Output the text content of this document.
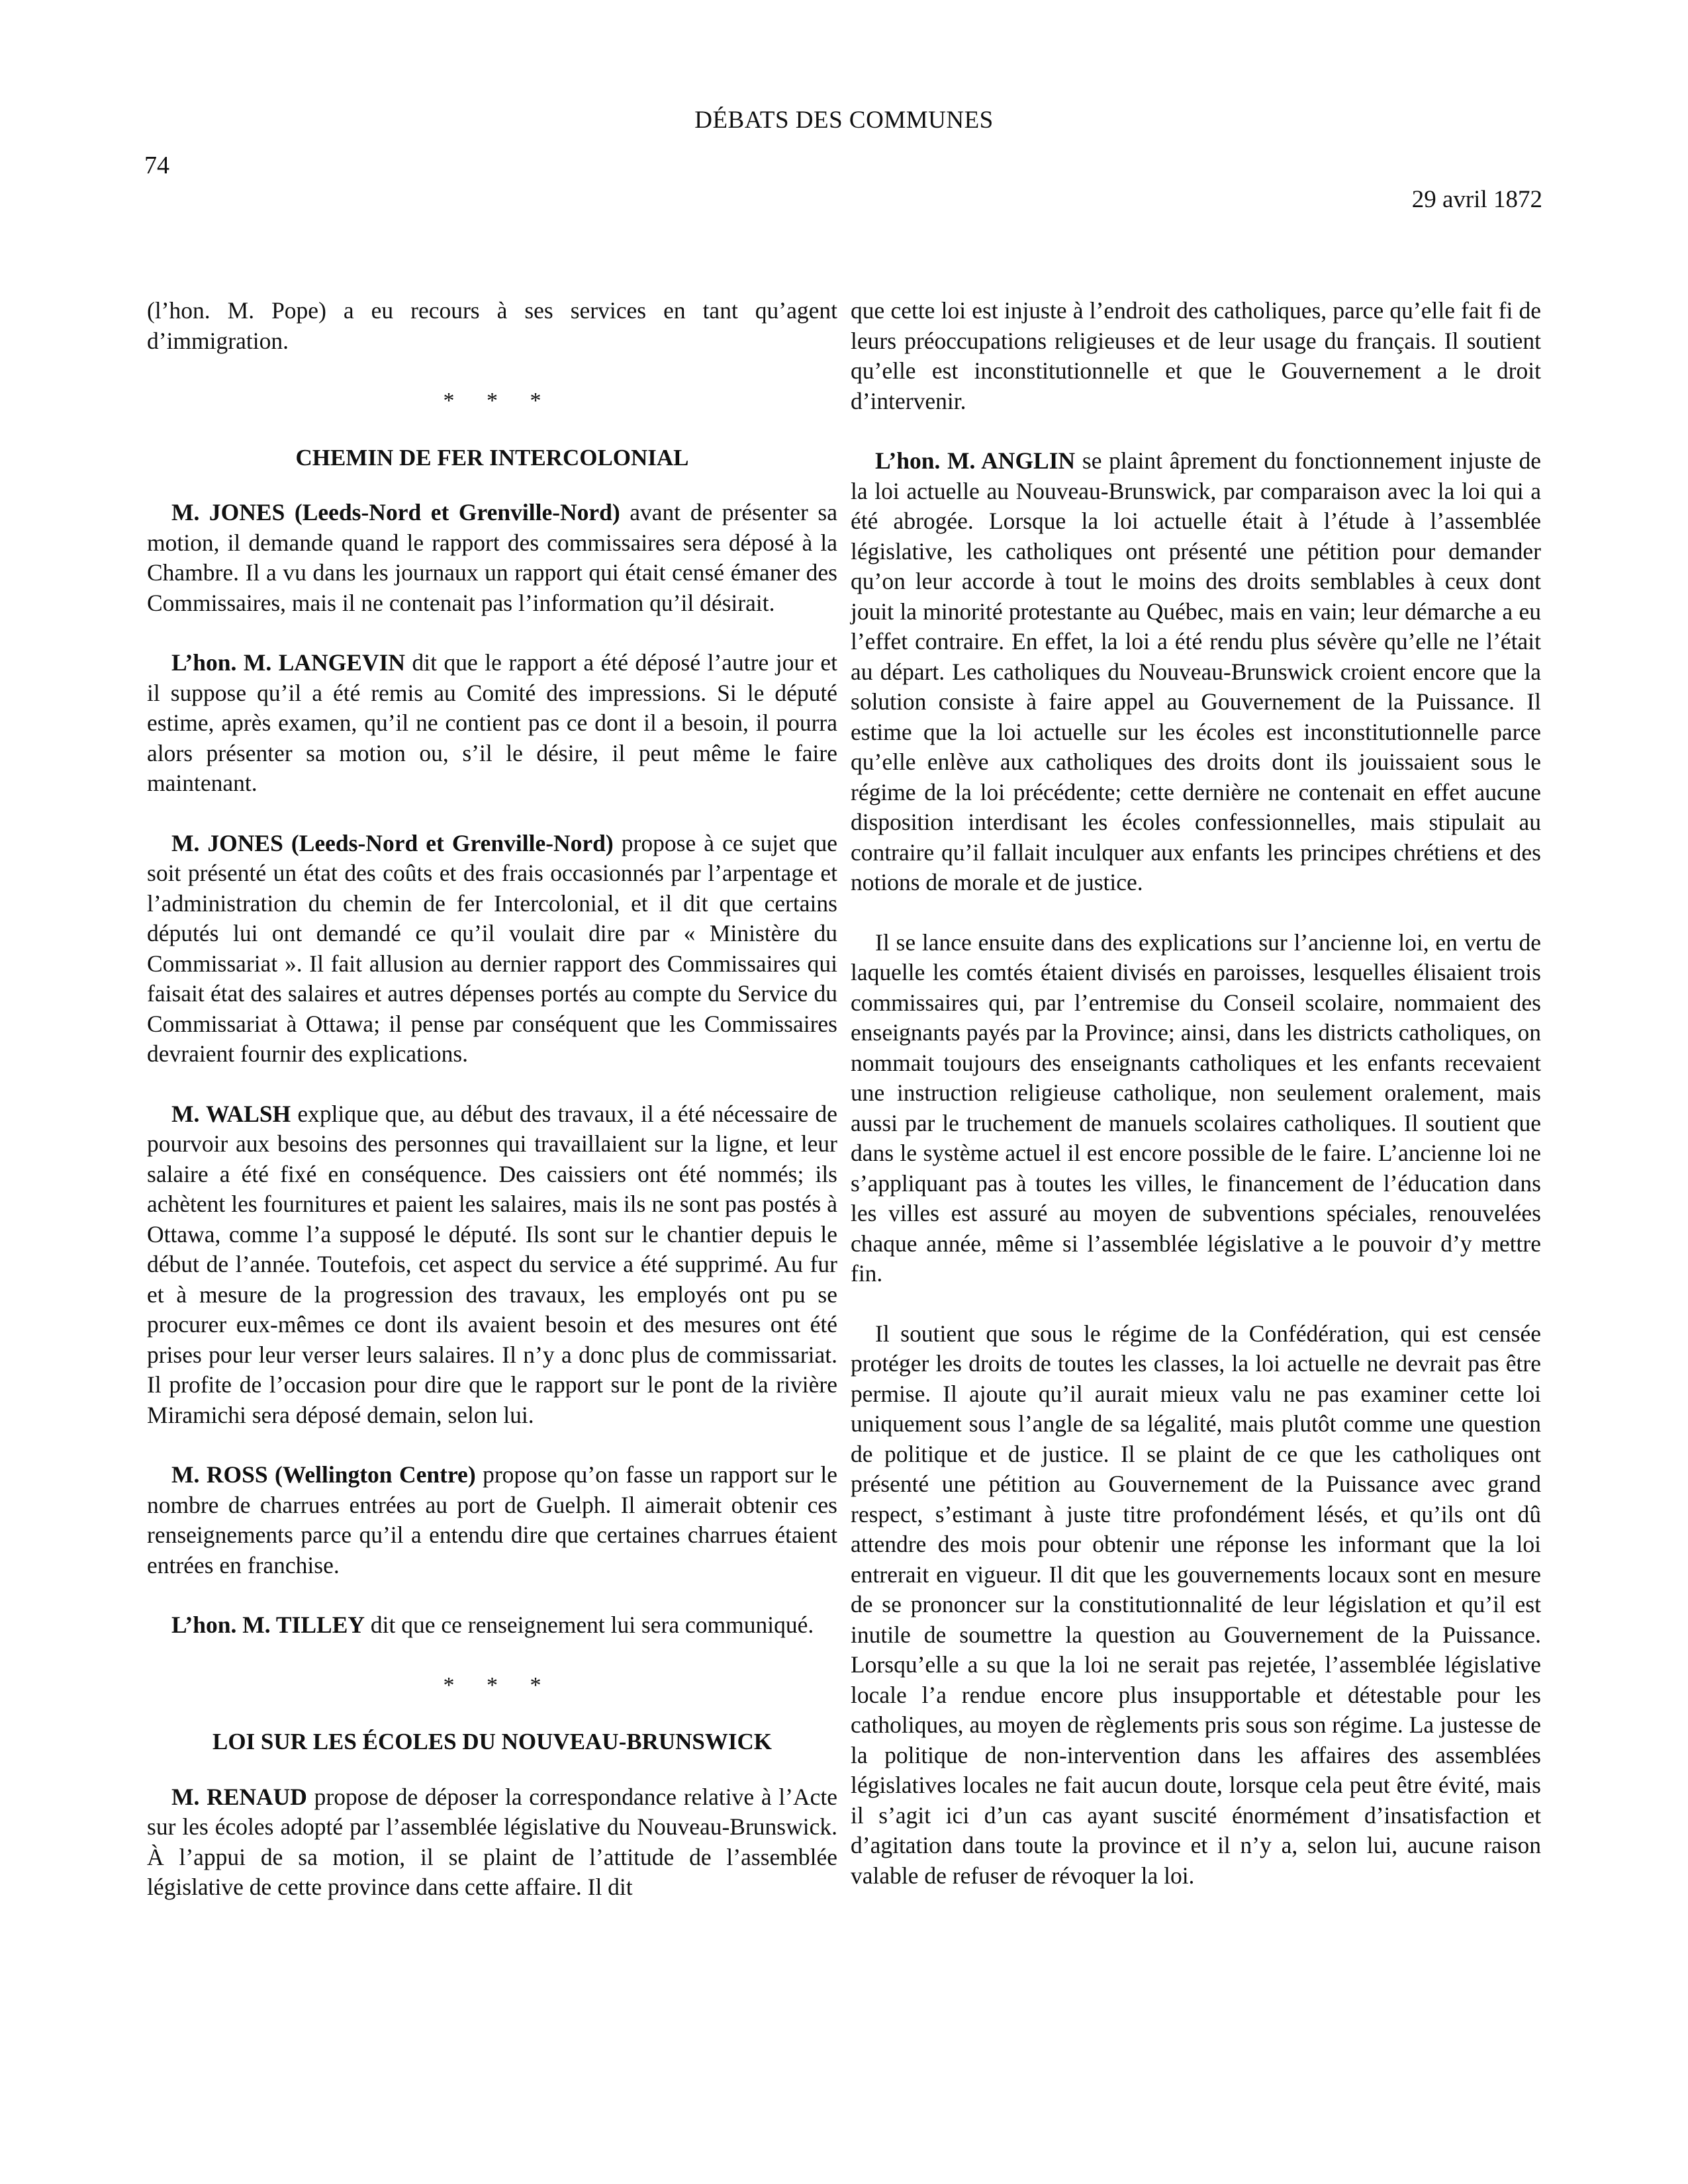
DÉBATS DES COMMUNES
74
29 avril 1872

(l’hon. M. Pope) a eu recours à ses services en tant qu’agent d’immigration.

* * *
CHEMIN DE FER INTERCOLONIAL

M. JONES (Leeds-Nord et Grenville-Nord) avant de présenter sa motion, il demande quand le rapport des commissaires sera déposé à la Chambre. Il a vu dans les journaux un rapport qui était censé émaner des Commissaires, mais il ne contenait pas l’information qu’il désirait.

L’hon. M. LANGEVIN dit que le rapport a été déposé l’autre jour et il suppose qu’il a été remis au Comité des impressions. Si le député estime, après examen, qu’il ne contient pas ce dont il a besoin, il pourra alors présenter sa motion ou, s’il le désire, il peut même le faire maintenant.

M. JONES (Leeds-Nord et Grenville-Nord) propose à ce sujet que soit présenté un état des coûts et des frais occasionnés par l’arpentage et l’administration du chemin de fer Intercolonial, et il dit que certains députés lui ont demandé ce qu’il voulait dire par « Ministère du Commissariat ». Il fait allusion au dernier rapport des Commissaires qui faisait état des salaires et autres dépenses portés au compte du Service du Commissariat à Ottawa; il pense par conséquent que les Commissaires devraient fournir des explications.

M. WALSH explique que, au début des travaux, il a été nécessaire de pourvoir aux besoins des personnes qui travaillaient sur la ligne, et leur salaire a été fixé en conséquence. Des caissiers ont été nommés; ils achètent les fournitures et paient les salaires, mais ils ne sont pas postés à Ottawa, comme l’a supposé le député. Ils sont sur le chantier depuis le début de l’année. Toutefois, cet aspect du service a été supprimé. Au fur et à mesure de la progression des travaux, les employés ont pu se procurer eux-mêmes ce dont ils avaient besoin et des mesures ont été prises pour leur verser leurs salaires. Il n’y a donc plus de commissariat. Il profite de l’occasion pour dire que le rapport sur le pont de la rivière Miramichi sera déposé demain, selon lui.

M. ROSS (Wellington Centre) propose qu’on fasse un rapport sur le nombre de charrues entrées au port de Guelph. Il aimerait obtenir ces renseignements parce qu’il a entendu dire que certaines charrues étaient entrées en franchise.

L’hon. M. TILLEY dit que ce renseignement lui sera communiqué.

* * *
LOI SUR LES ÉCOLES DU NOUVEAU-BRUNSWICK

M. RENAUD propose de déposer la correspondance relative à l’Acte sur les écoles adopté par l’assemblée législative du Nouveau-Brunswick. À l’appui de sa motion, il se plaint de l’attitude de l’assemblée législative de cette province dans cette affaire. Il dit

que cette loi est injuste à l’endroit des catholiques, parce qu’elle fait fi de leurs préoccupations religieuses et de leur usage du français. Il soutient qu’elle est inconstitutionnelle et que le Gouvernement a le droit d’intervenir.

L’hon. M. ANGLIN se plaint âprement du fonctionnement injuste de la loi actuelle au Nouveau-Brunswick, par comparaison avec la loi qui a été abrogée. Lorsque la loi actuelle était à l’étude à l’assemblée législative, les catholiques ont présenté une pétition pour demander qu’on leur accorde à tout le moins des droits semblables à ceux dont jouit la minorité protestante au Québec, mais en vain; leur démarche a eu l’effet contraire. En effet, la loi a été rendu plus sévère qu’elle ne l’était au départ. Les catholiques du Nouveau-Brunswick croient encore que la solution consiste à faire appel au Gouvernement de la Puissance. Il estime que la loi actuelle sur les écoles est inconstitutionnelle parce qu’elle enlève aux catholiques des droits dont ils jouissaient sous le régime de la loi précédente; cette dernière ne contenait en effet aucune disposition interdisant les écoles confessionnelles, mais stipulait au contraire qu’il fallait inculquer aux enfants les principes chrétiens et des notions de morale et de justice.

Il se lance ensuite dans des explications sur l’ancienne loi, en vertu de laquelle les comtés étaient divisés en paroisses, lesquelles élisaient trois commissaires qui, par l’entremise du Conseil scolaire, nommaient des enseignants payés par la Province; ainsi, dans les districts catholiques, on nommait toujours des enseignants catholiques et les enfants recevaient une instruction religieuse catholique, non seulement oralement, mais aussi par le truchement de manuels scolaires catholiques. Il soutient que dans le système actuel il est encore possible de le faire. L’ancienne loi ne s’appliquant pas à toutes les villes, le financement de l’éducation dans les villes est assuré au moyen de subventions spéciales, renouvelées chaque année, même si l’assemblée législative a le pouvoir d’y mettre fin.

Il soutient que sous le régime de la Confédération, qui est censée protéger les droits de toutes les classes, la loi actuelle ne devrait pas être permise. Il ajoute qu’il aurait mieux valu ne pas examiner cette loi uniquement sous l’angle de sa légalité, mais plutôt comme une question de politique et de justice. Il se plaint de ce que les catholiques ont présenté une pétition au Gouvernement de la Puissance avec grand respect, s’estimant à juste titre profondément lésés, et qu’ils ont dû attendre des mois pour obtenir une réponse les informant que la loi entrerait en vigueur. Il dit que les gouvernements locaux sont en mesure de se prononcer sur la constitutionnalité de leur législation et qu’il est inutile de soumettre la question au Gouvernement de la Puissance. Lorsqu’elle a su que la loi ne serait pas rejetée, l’assemblée législative locale l’a rendue encore plus insupportable et détestable pour les catholiques, au moyen de règlements pris sous son régime. La justesse de la politique de non-intervention dans les affaires des assemblées législatives locales ne fait aucun doute, lorsque cela peut être évité, mais il s’agit ici d’un cas ayant suscité énormément d’insatisfaction et d’agitation dans toute la province et il n’y a, selon lui, aucune raison valable de refuser de révoquer la loi.
